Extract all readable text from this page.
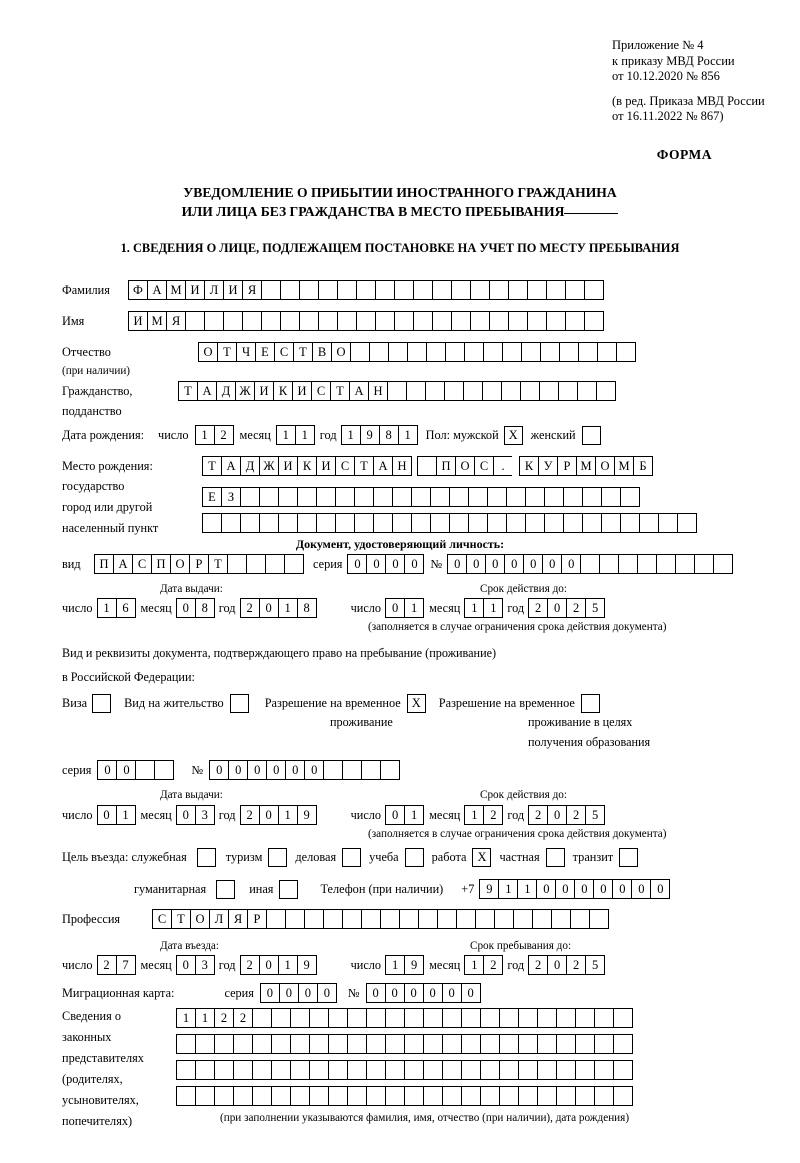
Приложение № 4
к приказу МВД России
от 10.12.2020 № 856
(в ред. Приказа МВД России
от 16.11.2022 № 867)
ФОРМА
УВЕДОМЛЕНИЕ О ПРИБЫТИИ ИНОСТРАННОГО ГРАЖДАНИНА
ИЛИ ЛИЦА БЕЗ ГРАЖДАНСТВА В МЕСТО ПРЕБЫВАНИЯ
1. СВЕДЕНИЯ О ЛИЦЕ, ПОДЛЕЖАЩЕМ ПОСТАНОВКЕ НА УЧЕТ ПО МЕСТУ ПРЕБЫВАНИЯ
Фамилия	Ф А М И Л И Я
Имя	И М Я
Отчество	О Т Ч Е С Т В О
(при наличии)
Гражданство,	Т А Д Ж И К И С Т А Н
подданство
Дата рождения: число	1	2	месяц 1	1 год 1	9	8	1	Пол: мужской X	женский
Место рождения:	Т А Д Ж И К И С Т А Н	П О С	.	К У Р М О М Б
государство
Е З
город или другой
населенный пункт
Документ, удостоверяющий личность:
вид	П А С П О Р Т	серия 0	0	0	0	№ 0	0	0	0	0	0	0
Дата выдачи:	Срок действия до:
число 1	6 месяц 0	8 год 2	0	1	8	число 0	1 месяц 1	1 год 2	0	2	5
(заполняется в случае ограничения срока действия документа)
Вид и реквизиты документа, подтверждающего право на пребывание (проживание)
в Российской Федерации:
Виза	Вид на жительство	Разрешение на временное X	Разрешение на временное
проживание	проживание в целях
получения образования
серия	0	0	№	0	0	0	0	0	0
Дата выдачи:	Срок действия до:
число 0	1 месяц 0	3 год 2	0	1	9	число 0	1 месяц 1	2 год 2	0	2	5
(заполняется в случае ограничения срока действия документа)
Цель въезда: служебная	туризм	деловая	учеба	работа X	частная	транзит
гуманитарная	иная	Телефон (при наличии) +7 9	1	1	0	0	0	0	0	0	0
Профессия	С Т О Л Я Р
Дата въезда:	Срок пребывания до:
число 2	7 месяц 0	3 год 2	0	1	9	число 1	9 месяц 1	2 год 2	0	2	5
Миграционная карта:	серия	0	0	0	0	№	0	0	0	0	0	0
Сведения о
законных
представителях
(родителях,
усыновителях,
попечителях)
1	1	2	2
(при заполнении указываются фамилия, имя, отчество (при наличии), дата рождения)
